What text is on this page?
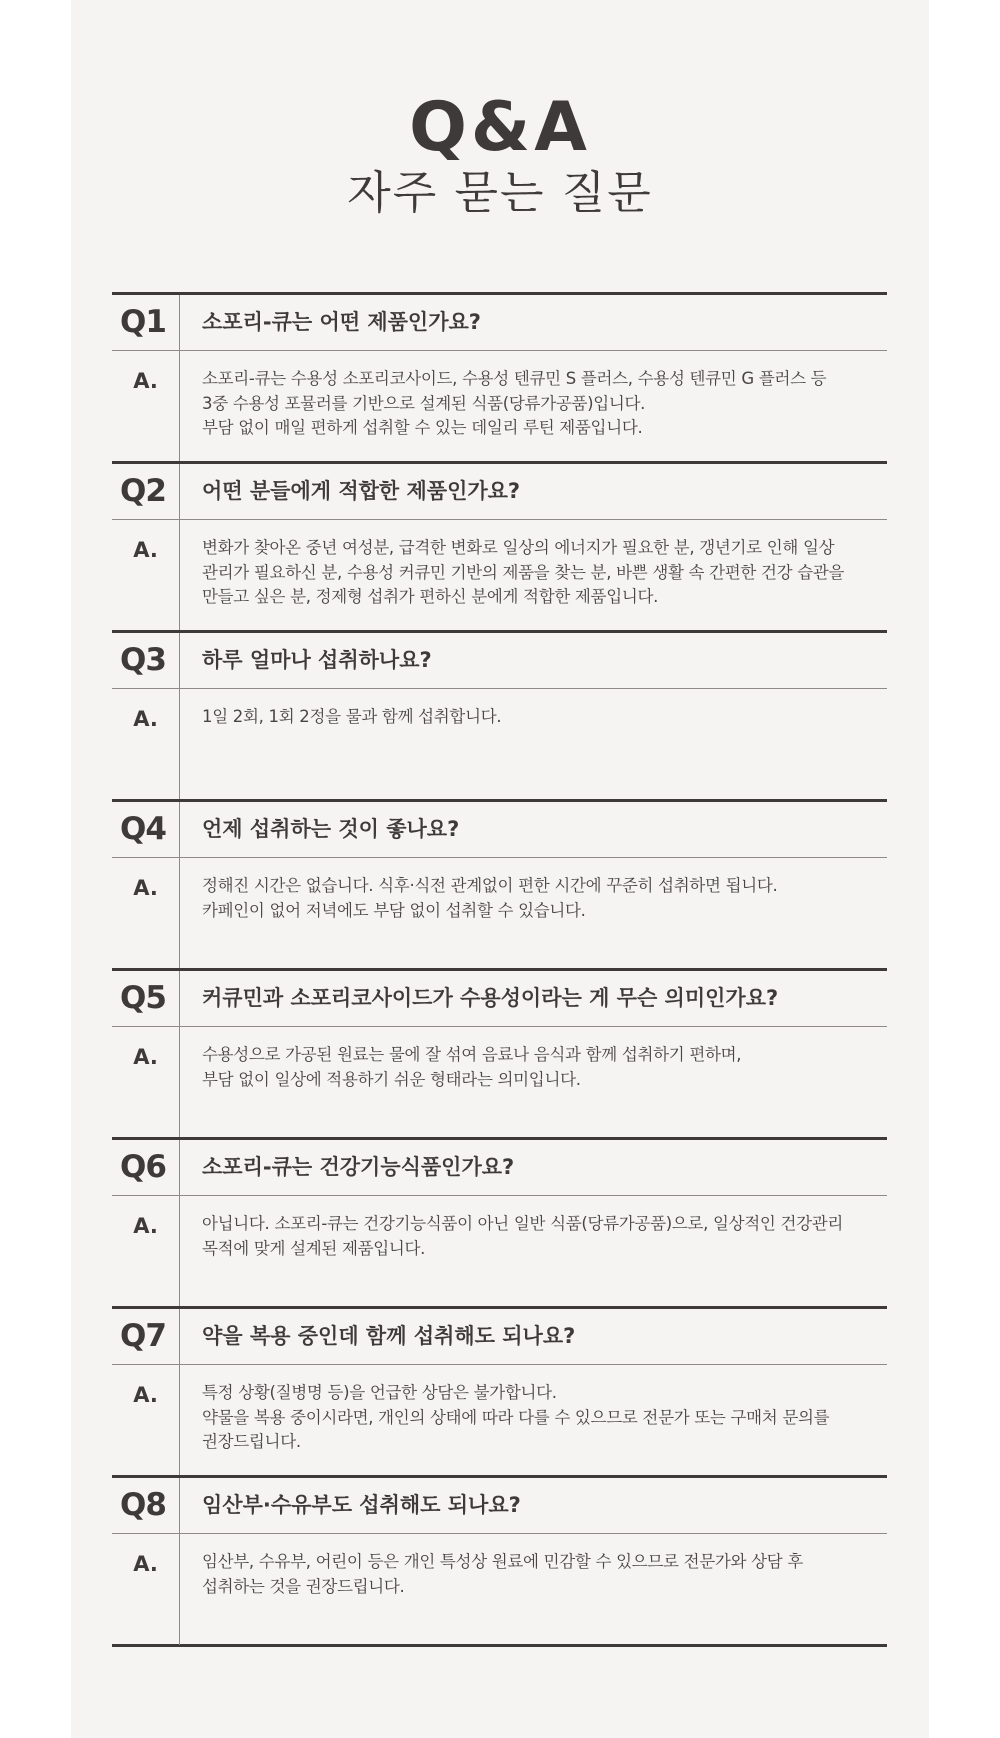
Q&A
자주 묻는 질문
Q1	소포리-큐는 어떤 제품인가요?
A.	소포리-큐는 수용성 소포리코사이드, 수용성 텐큐민 S 플러스, 수용성 텐큐민 G 플러스 등
3중 수용성 포뮬러를 기반으로 설계된 식품(당류가공품)입니다.
부담 없이 매일 편하게 섭취할 수 있는 데일리 루틴 제품입니다.
Q2	어떤 분들에게 적합한 제품인가요?
A.	변화가 찾아온 중년 여성분, 급격한 변화로 일상의 에너지가 필요한 분, 갱년기로 인해 일상
관리가 필요하신 분, 수용성 커큐민 기반의 제품을 찾는 분, 바쁜 생활 속 간편한 건강 습관을
만들고 싶은 분, 정제형 섭취가 편하신 분에게 적합한 제품입니다.
Q3	하루 얼마나 섭취하나요?
A.	1일 2회, 1회 2정을 물과 함께 섭취합니다.
Q4	언제 섭취하는 것이 좋나요?
A.	정해진 시간은 없습니다. 식후·식전 관계없이 편한 시간에 꾸준히 섭취하면 됩니다.
카페인이 없어 저녁에도 부담 없이 섭취할 수 있습니다.
Q5	커큐민과 소포리코사이드가 수용성이라는 게 무슨 의미인가요?
A.	수용성으로 가공된 원료는 물에 잘 섞여 음료나 음식과 함께 섭취하기 편하며,
부담 없이 일상에 적용하기 쉬운 형태라는 의미입니다.
Q6	소포리-큐는 건강기능식품인가요?
A.	아닙니다. 소포리-큐는 건강기능식품이 아닌 일반 식품(당류가공품)으로, 일상적인 건강관리
목적에 맞게 설계된 제품입니다.
Q7	약을 복용 중인데 함께 섭취해도 되나요?
A.	특정 상황(질병명 등)을 언급한 상담은 불가합니다.
약물을 복용 중이시라면, 개인의 상태에 따라 다를 수 있으므로 전문가 또는 구매처 문의를
권장드립니다.
Q8	임산부·수유부도 섭취해도 되나요?
A.	임산부, 수유부, 어린이 등은 개인 특성상 원료에 민감할 수 있으므로 전문가와 상담 후
섭취하는 것을 권장드립니다.
